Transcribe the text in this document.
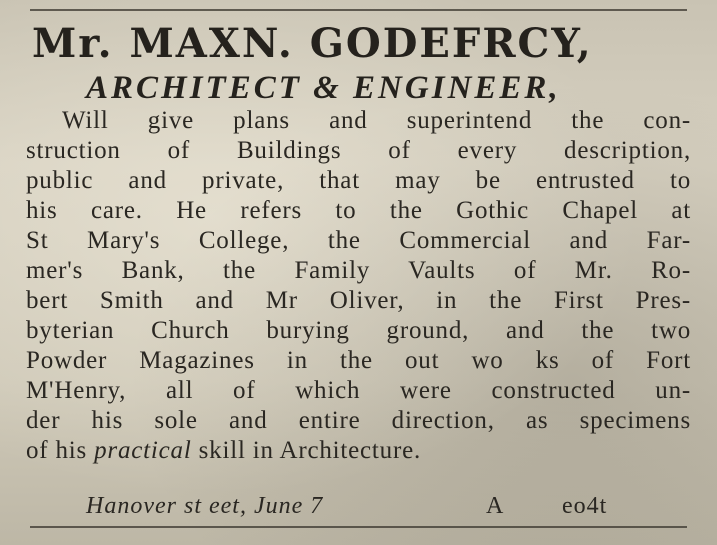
Mr. MAXN. GODEFRCY,
ARCHITECT & ENGINEER,
Will give plans and superintend the con-
struction of Buildings of every description,
public and private, that may be entrusted to
his care. He refers to the Gothic Chapel at
St Mary's College, the Commercial and Far-
mer's Bank, the Family Vaults of Mr. Ro-
bert Smith and Mr Oliver, in the First Pres-
byterian Church burying ground, and the two
Powder Magazines in the out wo ks of Fort
M'Henry, all of which were constructed un-
der his sole and entire direction, as specimens
of his practical skill in Architecture.
Hanover st eet, June 7	A eo4t
